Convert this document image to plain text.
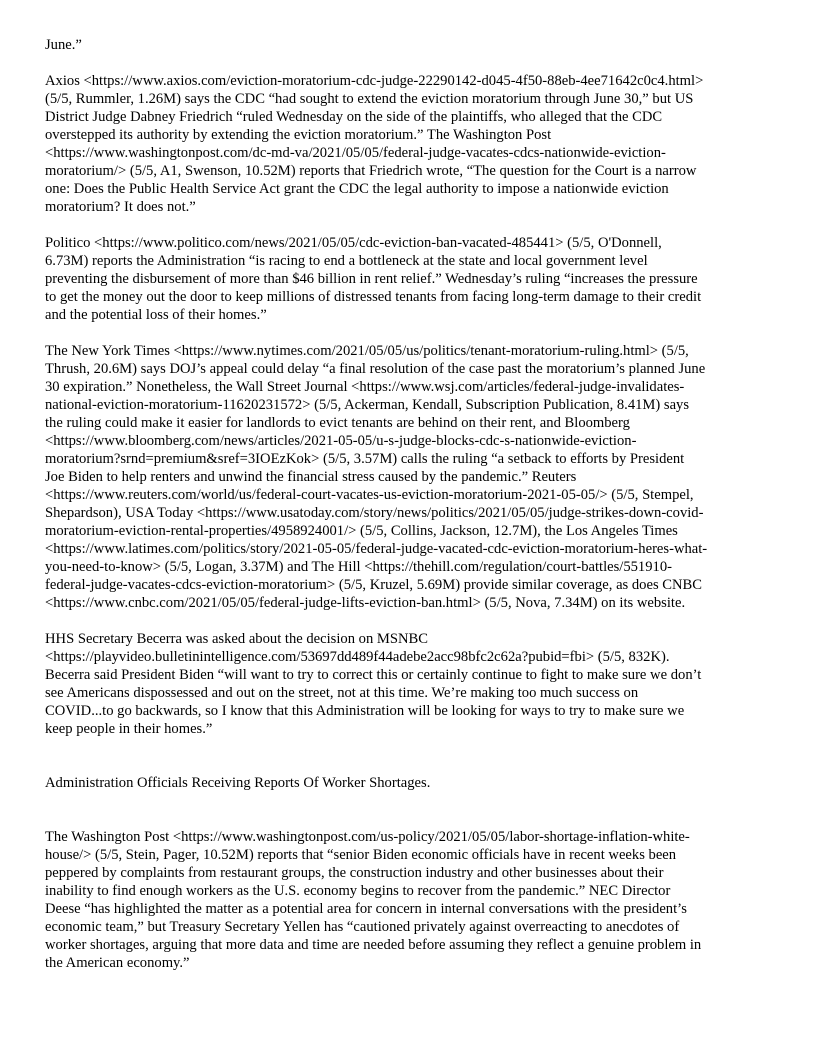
June.”

Axios <https://www.axios.com/eviction-moratorium-cdc-judge-22290142-d045-4f50-88eb-4ee71642c0c4.html>
(5/5, Rummler, 1.26M) says the CDC “had sought to extend the eviction moratorium through June 30,” but US
District Judge Dabney Friedrich “ruled Wednesday on the side of the plaintiffs, who alleged that the CDC
overstepped its authority by extending the eviction moratorium.” The Washington Post
<https://www.washingtonpost.com/dc-md-va/2021/05/05/federal-judge-vacates-cdcs-nationwide-eviction-
moratorium/> (5/5, A1, Swenson, 10.52M) reports that Friedrich wrote, “The question for the Court is a narrow
one: Does the Public Health Service Act grant the CDC the legal authority to impose a nationwide eviction
moratorium? It does not.”

Politico <https://www.politico.com/news/2021/05/05/cdc-eviction-ban-vacated-485441> (5/5, O'Donnell,
6.73M) reports the Administration “is racing to end a bottleneck at the state and local government level
preventing the disbursement of more than $46 billion in rent relief.” Wednesday’s ruling “increases the pressure
to get the money out the door to keep millions of distressed tenants from facing long-term damage to their credit
and the potential loss of their homes.”

The New York Times <https://www.nytimes.com/2021/05/05/us/politics/tenant-moratorium-ruling.html> (5/5,
Thrush, 20.6M) says DOJ’s appeal could delay “a final resolution of the case past the moratorium’s planned June
30 expiration.” Nonetheless, the Wall Street Journal <https://www.wsj.com/articles/federal-judge-invalidates-
national-eviction-moratorium-11620231572> (5/5, Ackerman, Kendall, Subscription Publication, 8.41M) says
the ruling could make it easier for landlords to evict tenants are behind on their rent, and Bloomberg
<https://www.bloomberg.com/news/articles/2021-05-05/u-s-judge-blocks-cdc-s-nationwide-eviction-
moratorium?srnd=premium&sref=3IOEzKok> (5/5, 3.57M) calls the ruling “a setback to efforts by President
Joe Biden to help renters and unwind the financial stress caused by the pandemic.” Reuters
<https://www.reuters.com/world/us/federal-court-vacates-us-eviction-moratorium-2021-05-05/> (5/5, Stempel,
Shepardson), USA Today <https://www.usatoday.com/story/news/politics/2021/05/05/judge-strikes-down-covid-
moratorium-eviction-rental-properties/4958924001/> (5/5, Collins, Jackson, 12.7M), the Los Angeles Times
<https://www.latimes.com/politics/story/2021-05-05/federal-judge-vacated-cdc-eviction-moratorium-heres-what-
you-need-to-know> (5/5, Logan, 3.37M) and The Hill <https://thehill.com/regulation/court-battles/551910-
federal-judge-vacates-cdcs-eviction-moratorium> (5/5, Kruzel, 5.69M) provide similar coverage, as does CNBC
<https://www.cnbc.com/2021/05/05/federal-judge-lifts-eviction-ban.html> (5/5, Nova, 7.34M) on its website.

HHS Secretary Becerra was asked about the decision on MSNBC
<https://playvideo.bulletinintelligence.com/53697dd489f44adebe2acc98bfc2c62a?pubid=fbi> (5/5, 832K).
Becerra said President Biden “will want to try to correct this or certainly continue to fight to make sure we don’t
see Americans dispossessed and out on the street, not at this time. We’re making too much success on
COVID...to go backwards, so I know that this Administration will be looking for ways to try to make sure we
keep people in their homes.”

Administration Officials Receiving Reports Of Worker Shortages.

The Washington Post <https://www.washingtonpost.com/us-policy/2021/05/05/labor-shortage-inflation-white-
house/> (5/5, Stein, Pager, 10.52M) reports that “senior Biden economic officials have in recent weeks been
peppered by complaints from restaurant groups, the construction industry and other businesses about their
inability to find enough workers as the U.S. economy begins to recover from the pandemic.” NEC Director
Deese “has highlighted the matter as a potential area for concern in internal conversations with the president’s
economic team,” but Treasury Secretary Yellen has “cautioned privately against overreacting to anecdotes of
worker shortages, arguing that more data and time are needed before assuming they reflect a genuine problem in
the American economy.”
